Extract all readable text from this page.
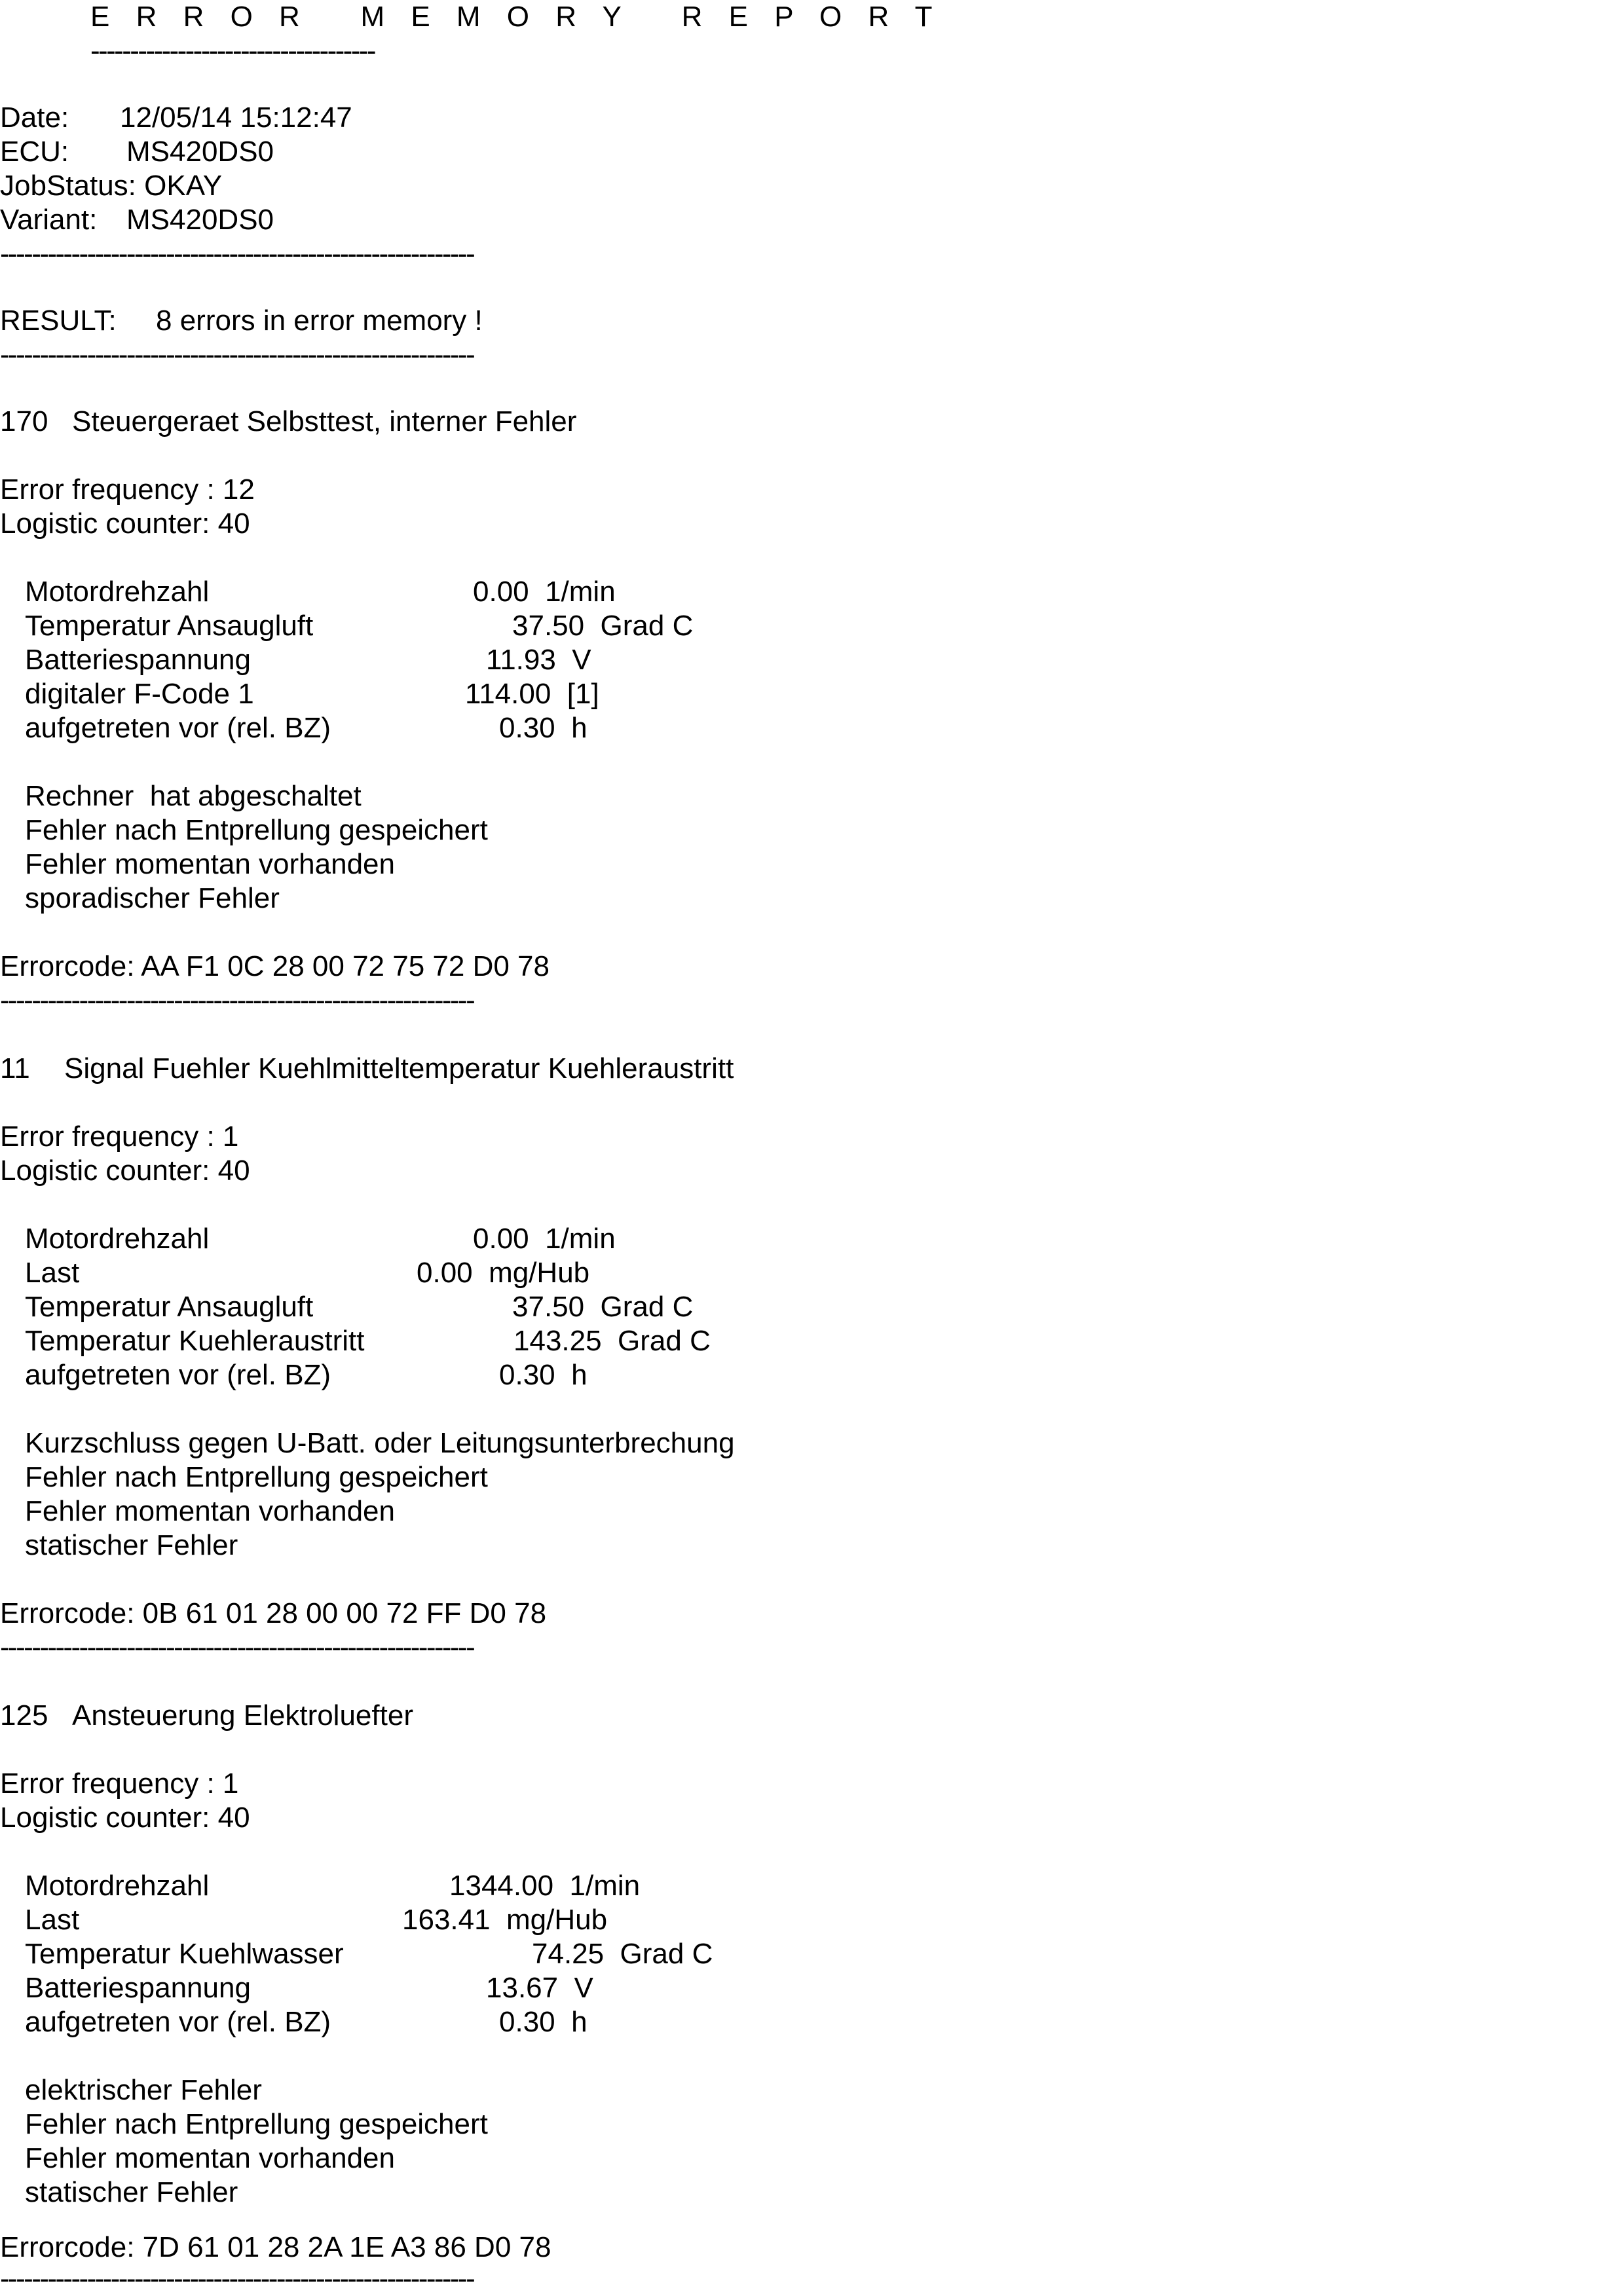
E R R O R   M E M O R Y   R E P O R T
------------------------------------
Date: 12/05/14 15:12:47
ECU: MS420DS0
JobStatus: OKAY
Variant: MS420DS0
------------------------------------------------------------
RESULT: 8 errors in error memory !
------------------------------------------------------------
170 Steuergeraet Selbsttest, interner Fehler
Error frequency : 12
Logistic counter: 40
Motordrehzahl	0.00  1/min
Temperatur Ansaugluft	37.50  Grad C
Batteriespannung	11.93  V
digitaler F-Code 1	114.00  [1]
aufgetreten vor (rel. BZ)	0.30  h
Rechner  hat abgeschaltet
Fehler nach Entprellung gespeichert
Fehler momentan vorhanden
sporadischer Fehler
Errorcode: AA F1 0C 28 00 72 75 72 D0 78
------------------------------------------------------------
11 Signal Fuehler Kuehlmitteltemperatur Kuehleraustritt
Error frequency : 1
Logistic counter: 40
Motordrehzahl	0.00  1/min
Last	0.00  mg/Hub
Temperatur Ansaugluft	37.50  Grad C
Temperatur Kuehleraustritt	143.25  Grad C
aufgetreten vor (rel. BZ)	0.30  h
Kurzschluss gegen U-Batt. oder Leitungsunterbrechung
Fehler nach Entprellung gespeichert
Fehler momentan vorhanden
statischer Fehler
Errorcode: 0B 61 01 28 00 00 72 FF D0 78
------------------------------------------------------------
125 Ansteuerung Elektroluefter
Error frequency : 1
Logistic counter: 40
Motordrehzahl	1344.00  1/min
Last	163.41  mg/Hub
Temperatur Kuehlwasser	74.25  Grad C
Batteriespannung	13.67  V
aufgetreten vor (rel. BZ)	0.30  h
elektrischer Fehler
Fehler nach Entprellung gespeichert
Fehler momentan vorhanden
statischer Fehler
Errorcode: 7D 61 01 28 2A 1E A3 86 D0 78
------------------------------------------------------------
